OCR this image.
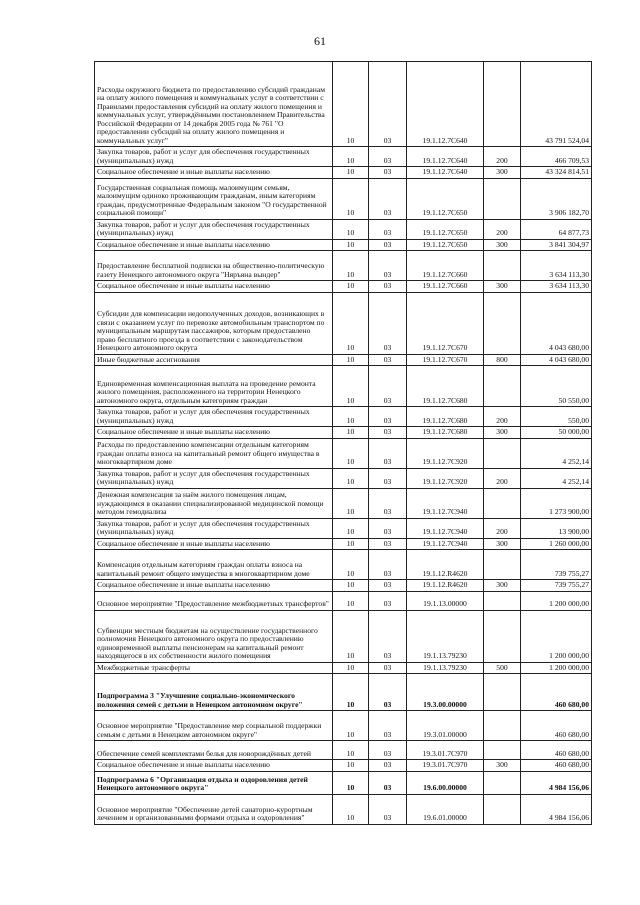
61
Расходы окружного бюджета по предоставлению субсидий гражданам на оплату жилого помещения и коммунальных услуг в соответствии с Правилами предоставления субсидий на оплату жилого помещения и коммунальных услуг, утверждёнными постановлением Правительства Российской Федерации от 14 декабря 2005 года № 761 "О предоставлении субсидий на оплату жилого помещения и коммунальных услуг"	10	03	19.1.12.7С640		43 791 524,04
Закупка товаров, работ и услуг для обеспечения государственных (муниципальных) нужд	10	03	19.1.12.7С640	200	466 709,53
Социальное обеспечение и иные выплаты населению	10	03	19.1.12.7С640	300	43 324 814,51
Государственная социальная помощь малоимущим семьям, малоимущим одиноко проживающим гражданам, иным категориям граждан, предусмотренные Федеральным законом "О государственной социальной помощи"	10	03	19.1.12.7С650		3 906 182,70
Закупка товаров, работ и услуг для обеспечения государственных (муниципальных) нужд	10	03	19.1.12.7С650	200	64 877,73
Социальное обеспечение и иные выплаты населению	10	03	19.1.12.7С650	300	3 841 304,97
Предоставление бесплатной подписки на общественно-политическую газету Ненецкого автономного округа "Няръяна вындер"	10	03	19.1.12.7С660		3 634 113,30
Социальное обеспечение и иные выплаты населению	10	03	19.1.12.7С660	300	3 634 113,30
Субсидии для компенсации недополученных доходов, возникающих в связи с оказанием услуг по перевозке автомобильным транспортом по муниципальным маршрутам пассажиров, которым предоставлено право бесплатного проезда в соответствии с законодательством Ненецкого автономного округа	10	03	19.1.12.7С670		4 043 680,00
Иные бюджетные ассигнования	10	03	19.1.12.7С670	800	4 043 680,00
Единовременная компенсационная выплата на проведение ремонта жилого помещения, расположенного на территории Ненецкого автономного округа, отдельным категориям граждан	10	03	19.1.12.7С680		50 550,00
Закупка товаров, работ и услуг для обеспечения государственных (муниципальных) нужд	10	03	19.1.12.7С680	200	550,00
Социальное обеспечение и иные выплаты населению	10	03	19.1.12.7С680	300	50 000,00
Расходы по предоставлению компенсации отдельным категориям граждан оплаты взноса на капитальный ремонт общего имущества в многоквартирном доме	10	03	19.1.12.7С920		4 252,14
Закупка товаров, работ и услуг для обеспечения государственных (муниципальных) нужд	10	03	19.1.12.7С920	200	4 252,14
Денежная компенсация за наём жилого помещения лицам, нуждающимся в оказании специализированной медицинской помощи методом гемодиализа	10	03	19.1.12.7С940		1 273 900,00
Закупка товаров, работ и услуг для обеспечения государственных (муниципальных) нужд	10	03	19.1.12.7С940	200	13 900,00
Социальное обеспечение и иные выплаты населению	10	03	19.1.12.7С940	300	1 260 000,00
Компенсация отдельным категориям граждан оплаты взноса на капитальный ремонт общего имущества в многоквартирном доме	10	03	19.1.12.R4620		739 755,27
Социальное обеспечение и иные выплаты населению	10	03	19.1.12.R4620	300	739 755,27
Основное мероприятие "Предоставление межбюджетных трансфертов"	10	03	19.1.13.00000		1 200 000,00
Субвенции местным бюджетам на осуществление государственного полномочия Ненецкого автономного округа по предоставлению единовременной выплаты пенсионерам на капитальный ремонт находящегося в их собственности жилого помещения	10	03	19.1.13.79230		1 200 000,00
Межбюджетные трансферты	10	03	19.1.13.79230	500	1 200 000,00
Подпрограмма 3 "Улучшение социально-экономического положения семей с детьми в Ненецком автономном округе"	10	03	19.3.00.00000		460 680,00
Основное мероприятие "Предоставление мер социальной поддержки семьям с детьми в Ненецком автономном округе"	10	03	19.3.01.00000		460 680,00
Обеспечение семей комплектами белья для новорождённых детей	10	03	19.3.01.7С970		460 680,00
Социальное обеспечение и иные выплаты населению	10	03	19.3.01.7С970	300	460 680,00
Подпрограмма 6 "Организация отдыха и оздоровления детей Ненецкого автономного округа"	10	03	19.6.00.00000		4 984 156,06
Основное мероприятие "Обеспечение детей санаторно-курортным лечением и организованными формами отдыха и оздоровления"	10	03	19.6.01.00000		4 984 156,06
